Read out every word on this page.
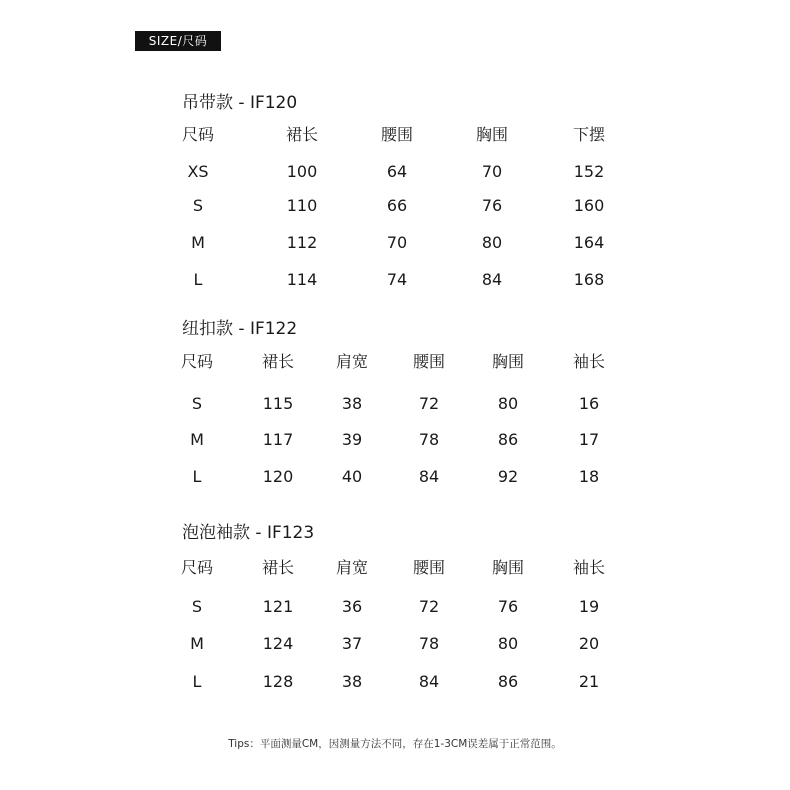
SIZE/尺码
吊带款 - IF120
尺码	裙长	腰围	胸围	下摆
XS	100	64	70	152
S	110	66	76	160
M	112	70	80	164
L	114	74	84	168
纽扣款 - IF122
尺码	裙长	肩宽	腰围	胸围	袖长
S	115	38	72	80	16
M	117	39	78	86	17
L	120	40	84	92	18
泡泡袖款 - IF123
尺码	裙长	肩宽	腰围	胸围	袖长
S	121	36	72	76	19
M	124	37	78	80	20
L	128	38	84	86	21
Tips：平面测量CM，因测量方法不同，存在1-3CM误差属于正常范围。
